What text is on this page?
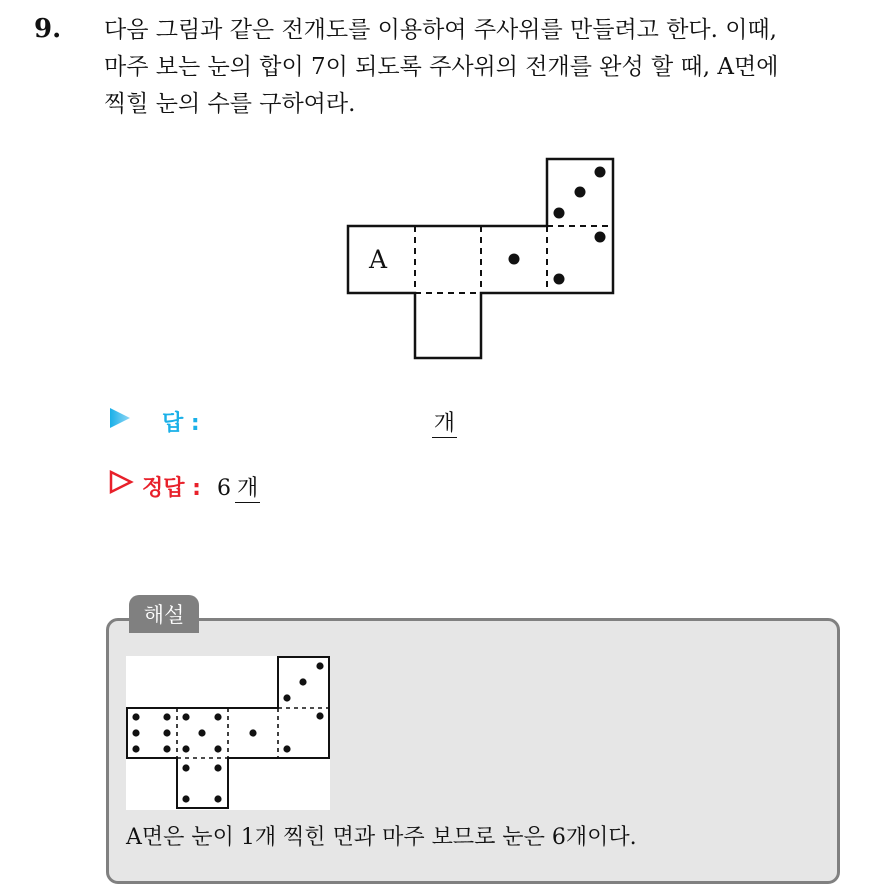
9. 다음 그림과 같은 전개도를 이용하여 주사위를 만들려고 한다. 이때,
마주 보는 눈의 합이 7이 되도록 주사위의 전개를 완성 할 때, A면에
찍힐 눈의 수를 구하여라.

A
답 :	개
정답 : 6 개
해설
A면은 눈이 1개 찍힌 면과 마주 보므로 눈은 6개이다.
